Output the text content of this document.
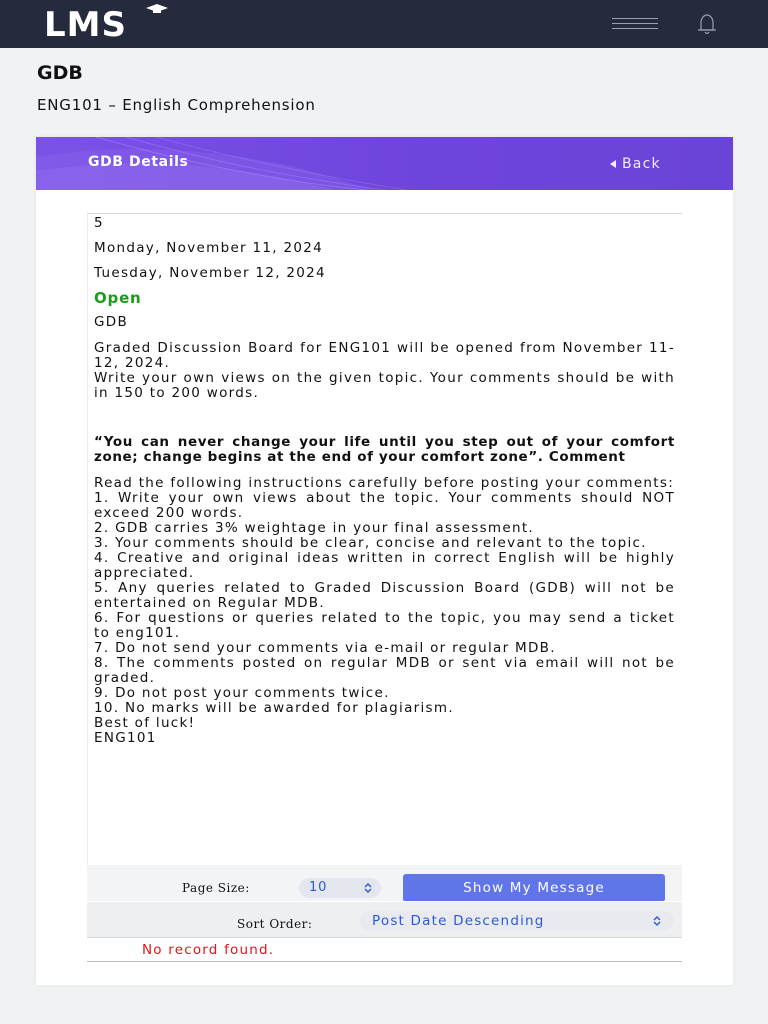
LMS
GDB
ENG101 – English Comprehension
GDB Details	Back
5
Monday, November 11, 2024
Tuesday, November 12, 2024
Open
GDB
Graded Discussion Board for ENG101 will be opened from November 11-12, 2024.
Write your own views on the given topic. Your comments should be with in 150 to 200 words.
“You can never change your life until you step out of your comfort zone; change begins at the end of your comfort zone”. Comment
Read the following instructions carefully before posting your comments:
1. Write your own views about the topic. Your comments should NOT exceed 200 words.
2. GDB carries 3% weightage in your final assessment.
3. Your comments should be clear, concise and relevant to the topic.
4. Creative and original ideas written in correct English will be highly appreciated.
5. Any queries related to Graded Discussion Board (GDB) will not be entertained on Regular MDB.
6. For questions or queries related to the topic, you may send a ticket to eng101.
7. Do not send your comments via e-mail or regular MDB.
8. The comments posted on regular MDB or sent via email will not be graded.
9. Do not post your comments twice.
10. No marks will be awarded for plagiarism.
Best of luck!
ENG101
Page Size:	10	Show My Message
Sort Order:	Post Date Descending
No record found.
